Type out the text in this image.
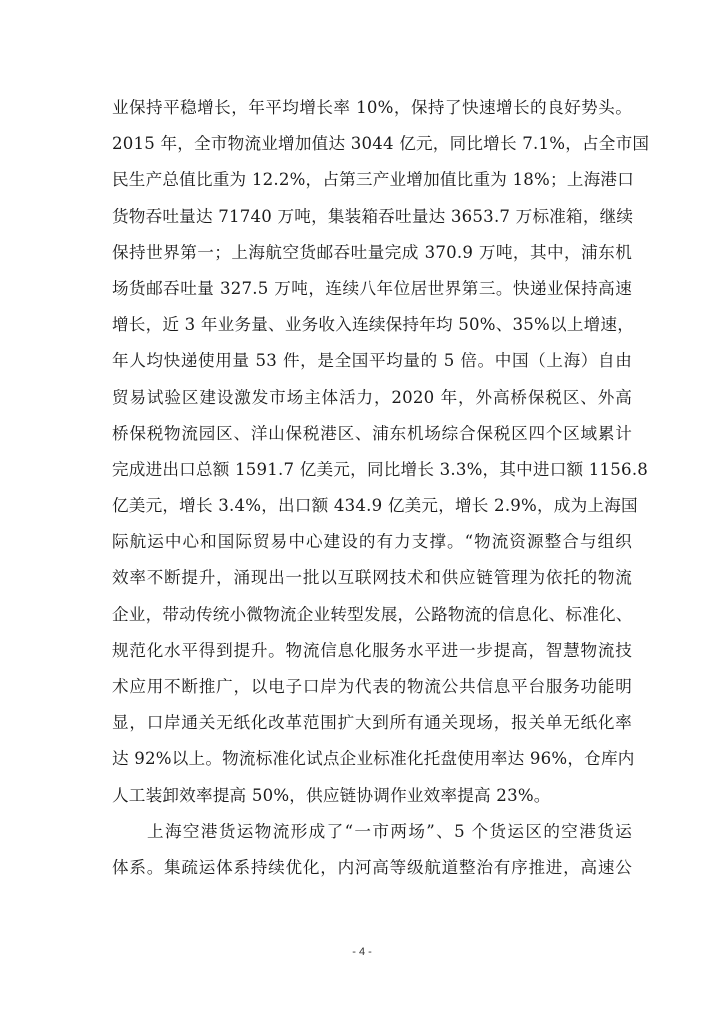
业保持平稳增长，年平均增长率 10%，保持了快速增长的良好势头。
2015 年，全市物流业增加值达 3044 亿元，同比增长 7.1%，占全市国
民生产总值比重为 12.2%，占第三产业增加值比重为 18%；上海港口
货物吞吐量达 71740 万吨，集装箱吞吐量达 3653.7 万标准箱，继续
保持世界第一；上海航空货邮吞吐量完成 370.9 万吨，其中，浦东机
场货邮吞吐量 327.5 万吨，连续八年位居世界第三。快递业保持高速
增长，近 3 年业务量、业务收入连续保持年均 50%、35%以上增速，
年人均快递使用量 53 件，是全国平均量的 5 倍。中国（上海）自由
贸易试验区建设激发市场主体活力，2020 年，外高桥保税区、外高
桥保税物流园区、洋山保税港区、浦东机场综合保税区四个区域累计
完成进出口总额 1591.7 亿美元，同比增长 3.3%，其中进口额 1156.8
亿美元，增长 3.4%，出口额 434.9 亿美元，增长 2.9%，成为上海国
际航运中心和国际贸易中心建设的有力支撑。“物流资源整合与组织
效率不断提升，涌现出一批以互联网技术和供应链管理为依托的物流
企业，带动传统小微物流企业转型发展，公路物流的信息化、标准化、
规范化水平得到提升。物流信息化服务水平进一步提高，智慧物流技
术应用不断推广，以电子口岸为代表的物流公共信息平台服务功能明
显，口岸通关无纸化改革范围扩大到所有通关现场，报关单无纸化率
达 92%以上。物流标准化试点企业标准化托盘使用率达 96%，仓库内
人工装卸效率提高 50%，供应链协调作业效率提高 23%。
上海空港货运物流形成了“一市两场”、5 个货运区的空港货运
体系。集疏运体系持续优化，内河高等级航道整治有序推进，高速公
- 4 -
